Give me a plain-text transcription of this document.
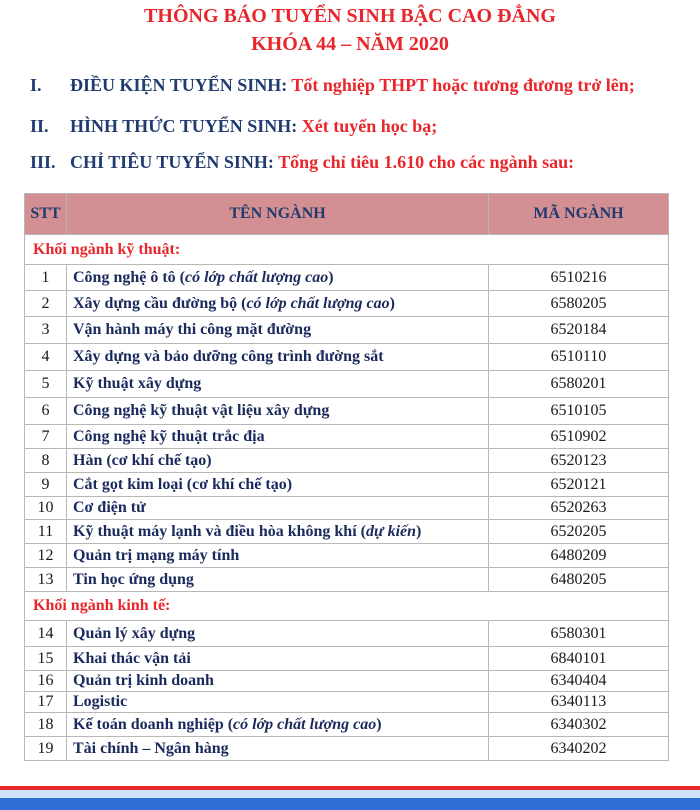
THÔNG BÁO TUYỂN SINH BẬC CAO ĐẲNG
KHÓA 44 – NĂM 2020
I. ĐIỀU KIỆN TUYỂN SINH: Tốt nghiệp THPT hoặc tương đương trở lên;
II. HÌNH THỨC TUYỂN SINH: Xét tuyển học bạ;
III. CHỈ TIÊU TUYỂN SINH: Tổng chỉ tiêu 1.610 cho các ngành sau:
STT	TÊN NGÀNH	MÃ NGÀNH
Khối ngành kỹ thuật:		
1	Công nghệ ô tô (có lớp chất lượng cao)	6510216
2	Xây dựng cầu đường bộ (có lớp chất lượng cao)	6580205
3	Vận hành máy thi công mặt đường	6520184
4	Xây dựng và bảo dưỡng công trình đường sắt	6510110
5	Kỹ thuật xây dựng	6580201
6	Công nghệ kỹ thuật vật liệu xây dựng	6510105
7	Công nghệ kỹ thuật trắc địa	6510902
8	Hàn (cơ khí chế tạo)	6520123
9	Cắt gọt kim loại (cơ khí chế tạo)	6520121
10	Cơ điện tử	6520263
11	Kỹ thuật máy lạnh và điều hòa không khí (dự kiến)	6520205
12	Quản trị mạng máy tính	6480209
13	Tin học ứng dụng	6480205
Khối ngành kinh tế:		
14	Quản lý xây dựng	6580301
15	Khai thác vận tải	6840101
16	Quản trị kinh doanh	6340404
17	Logistic	6340113
18	Kế toán doanh nghiệp (có lớp chất lượng cao)	6340302
19	Tài chính – Ngân hàng	6340202
